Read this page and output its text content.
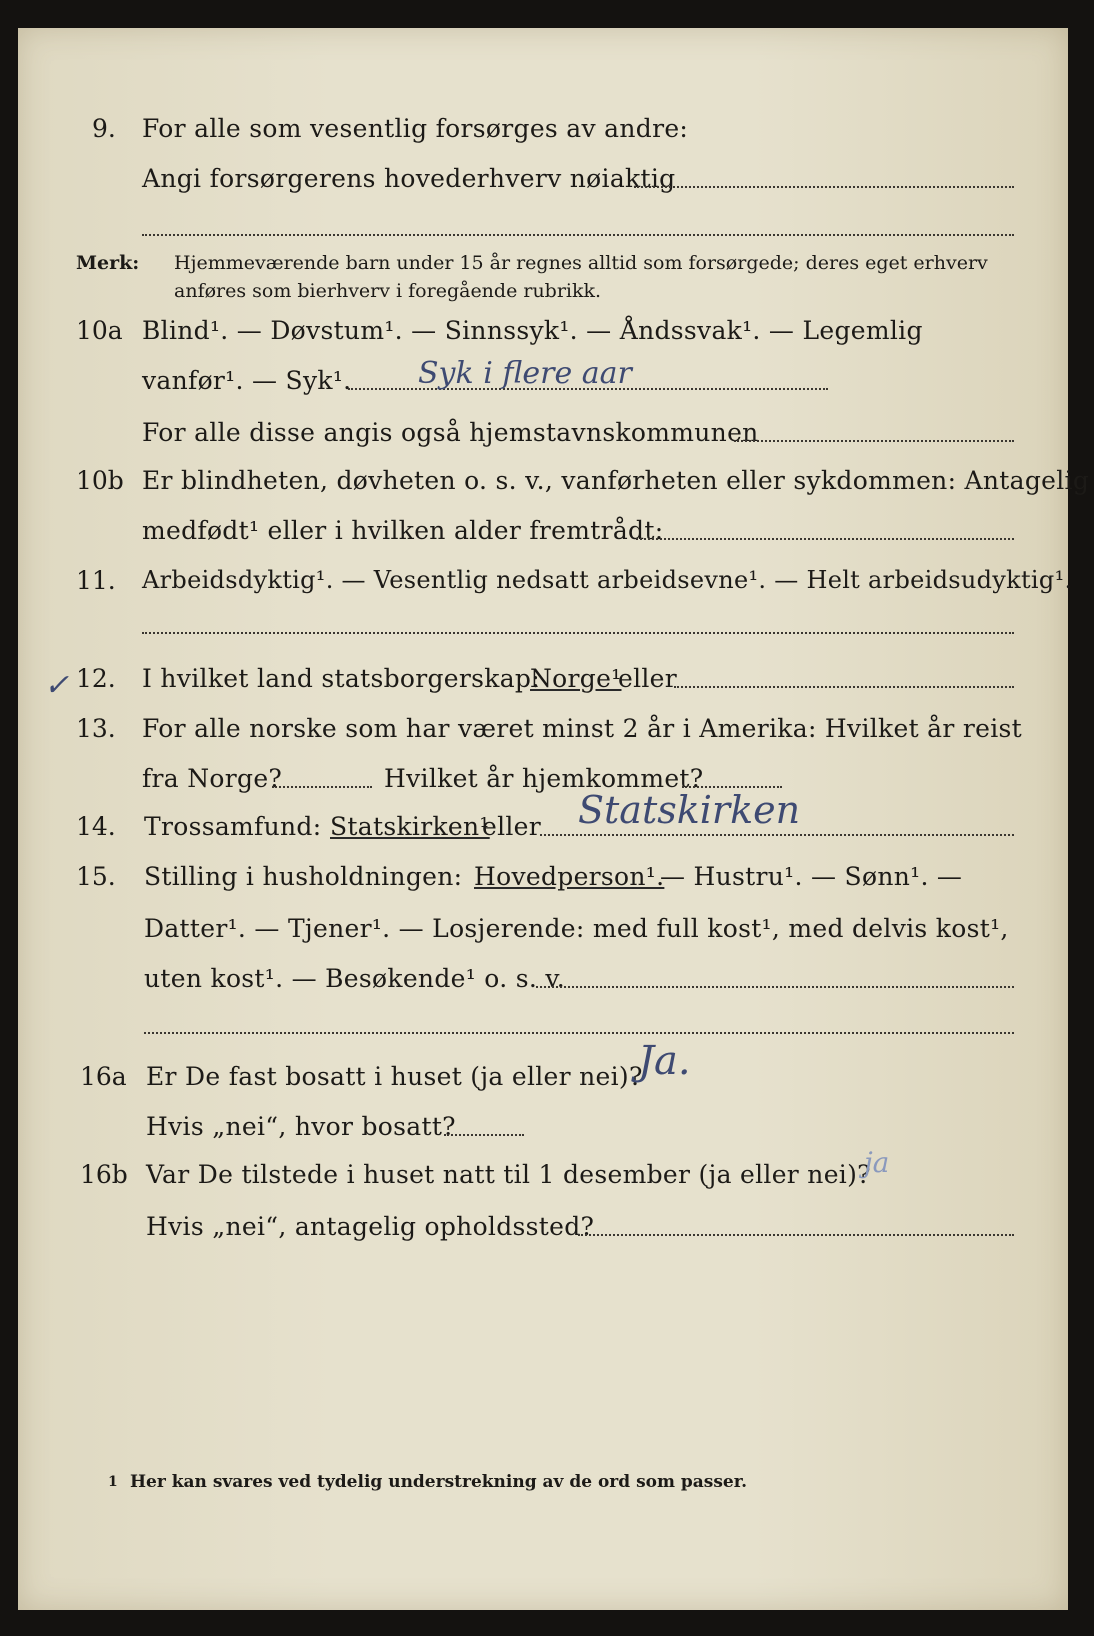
9. For alle som vesentlig forsørges av andre:
Angi forsørgerens hovederhverv nøiaktig
Merk: Hjemmeværende barn under 15 år regnes alltid som forsørgede; deres eget erhverv
anføres som bierhverv i foregående rubrikk.
10a Blind¹. — Døvstum¹. — Sinnssyk¹. — Åndssvak¹. — Legemlig
vanfør¹. — Syk¹. Syk i flere aar
For alle disse angis også hjemstavnskommunen
10b Er blindheten, døvheten o. s. v., vanførheten eller sykdommen: Antagelig
medfødt¹ eller i hvilken alder fremtrådt:
11. Arbeidsdyktig¹. — Vesentlig nedsatt arbeidsevne¹. — Helt arbeidsudyktig¹.
✓ 12. I hvilket land statsborgerskap:
Norge¹
eller
13. For alle norske som har været minst 2 år i Amerika: Hvilket år reist
fra Norge?	Hvilket år hjemkommet?
14. Trossamfund: Statskirken¹
eller Statskirken
15. Stilling i husholdningen: Hovedperson¹.
— Hustru¹. — Sønn¹. —
Datter¹. — Tjener¹. — Losjerende: med full kost¹, med delvis kost¹,
uten kost¹. — Besøkende¹ o. s. v.
16a Er De fast bosatt i huset (ja eller nei)?
Ja.
Hvis „nei“, hvor bosatt?
16b Var De tilstede i huset natt til 1 desember (ja eller nei)?
ja
Hvis „nei“, antagelig opholdssted?
1 Her kan svares ved tydelig understrekning av de ord som passer.
